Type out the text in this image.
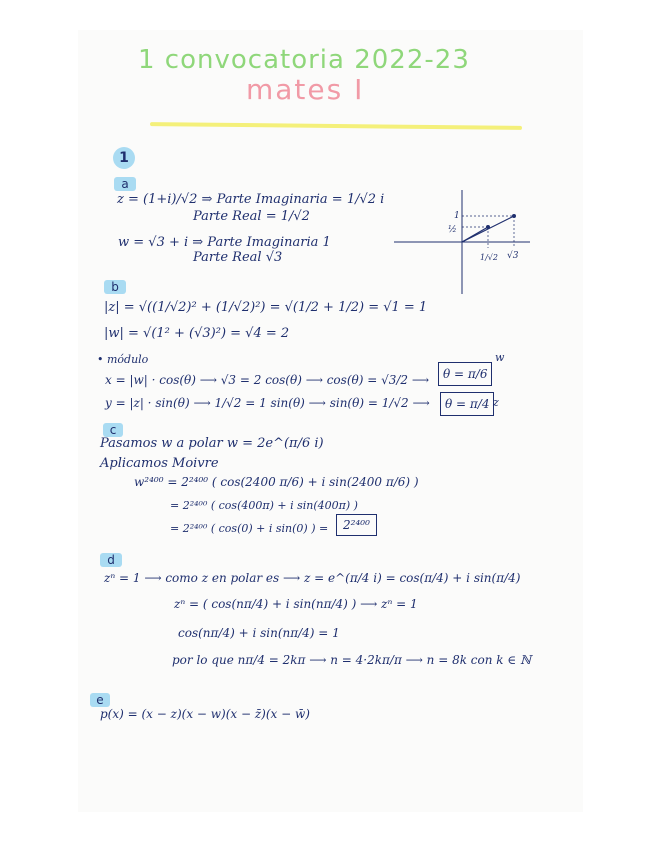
1 convocatoria 2022-23
mates I
1
a
z = (1+i)/√2 ⇒ Parte Imaginaria = 1/√2 i
Parte Real = 1/√2
w = √3 + i ⇒ Parte Imaginaria 1
Parte Real √3
1
½
1/√2 √3
b
|z| = √((1/√2)² + (1/√2)²) = √(1/2 + 1/2) = √1 = 1
|w| = √(1² + (√3)²) = √4 = 2
• módulo
x = |w| · cos(θ) ⟶ √3 = 2 cos(θ) ⟶ cos(θ) = √3/2 ⟶	θ = π/6
w
y = |z| · sin(θ) ⟶ 1/√2 = 1 sin(θ) ⟶ sin(θ) = 1/√2 ⟶	θ = π/4 z
c
Pasamos w a polar w = 2e^(π/6 i)
Aplicamos Moivre
w²⁴⁰⁰ = 2²⁴⁰⁰ ( cos(2400 π/6) + i sin(2400 π/6) )
= 2²⁴⁰⁰ ( cos(400π) + i sin(400π) )
= 2²⁴⁰⁰ ( cos(0) + i sin(0) ) =	2²⁴⁰⁰
d
zⁿ = 1 ⟶ como z en polar es ⟶ z = e^(π/4 i) = cos(π/4) + i sin(π/4)
zⁿ = ( cos(nπ/4) + i sin(nπ/4) ) ⟶ zⁿ = 1
cos(nπ/4) + i sin(nπ/4) = 1
por lo que nπ/4 = 2kπ ⟶ n = 4·2kπ/π ⟶ n = 8k con k ∈ ℕ
e
p(x) = (x − z)(x − w)(x − z̄)(x − w̄)
